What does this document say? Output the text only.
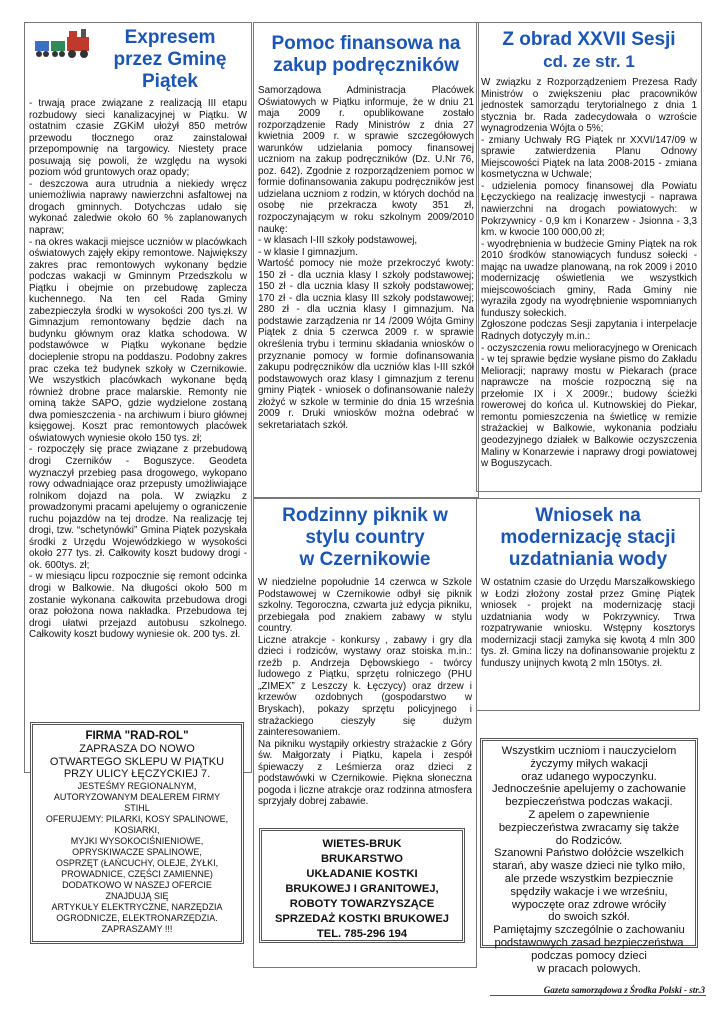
Expresem
przez Gminę Piątek

- trwają prace związane z realizacją III etapu rozbudowy sieci kanalizacyjnej w Piątku. W ostatnim czasie ZGKiM ułożył 850 metrów przewodu tłocznego oraz zainstalował przepompownię na targowicy. Niestety prace posuwają się powoli, że względu na wysoki poziom wód gruntowych oraz opady;

- deszczowa aura utrudnia a niekiedy wręcz uniemożliwia naprawy nawierzchni asfaltowej na drogach gminnych. Dotychczas udało się wykonać zaledwie około 60 % zaplanowanych napraw;

- na okres wakacji miejsce uczniów w placówkach oświatowych zajęły ekipy remontowe. Największy zakres prac remontowych wykonany będzie podczas wakacji w Gminnym Przedszkolu w Piątku i obejmie on przebudowę zaplecza kuchennego. Na ten cel Rada Gminy zabezpieczyła środki w wysokości 200 tys.zł. W Gimnazjum remontowany będzie dach na budynku głównym oraz klatka schodowa. W podstawówce w Piątku wykonane będzie docieplenie stropu na poddaszu. Podobny zakres prac czeka też budynek szkoły w Czernikowie. We wszystkich placówkach wykonane będą również drobne prace malarskie. Remonty nie ominą także SAPO, gdzie wydzielone zostaną dwa pomieszczenia - na archiwum i biuro głównej księgowej. Koszt prac remontowych placówek oświatowych wyniesie około 150 tys. zł;

- rozpoczęły się prace związane z przebudową drogi Czerników - Boguszyce. Geodeta wyznaczył przebieg pasa drogowego, wykopano rowy odwadniające oraz przepusty umożliwiające rolnikom dojazd na pola. W związku z prowadzonymi pracami apelujemy o ograniczenie ruchu pojazdów na tej drodze. Na realizację tej drogi, tzw. “schetynówki” Gmina Piątek pozyskała środki z Urzędu Wojewódzkiego w wysokości około 277 tys. zł. Całkowity koszt budowy drogi - ok. 600tys. zł;

- w miesiącu lipcu rozpocznie się remont odcinka drogi w Balkowie. Na długości około 500 m zostanie wykonana całkowita przebudowa drogi oraz położona nowa nakładka. Przebudowa tej drogi ułatwi przejazd autobusu szkolnego. Całkowity koszt budowy wyniesie ok. 200 tys. zł.

FIRMA "RAD-ROL"

ZAPRASZA DO NOWO

OTWARTEGO SKLEPU W PIĄTKU

PRZY ULICY ŁĘCZYCKIEJ 7.

JESTEŚMY REGIONALNYM,

AUTORYZOWANYM DEALEREM FIRMY

STIHL

OFERUJEMY: PILARKI, KOSY SPALINOWE,

KOSIARKI,

MYJKI WYSOKOCIŚNIENIOWE,

OPRYSKIWACZE SPALINOWE,

OSPRZĘT (ŁAŃCUCHY, OLEJE, ŻYŁKI,

PROWADNICE, CZĘŚCI ZAMIENNE)

DODATKOWO W NASZEJ OFERCIE

ZNAJDUJĄ SIĘ

ARTYKUŁY ELEKTRYCZNE, NARZĘDZIA

OGRODNICZE, ELEKTRONARZĘDZIA.

ZAPRASZAMY !!!

Pomoc finansowa na
zakup podręczników

Samorządowa Administracja Placówek Oświatowych w Piątku informuje, że w dniu 21 maja 2009 r. opublikowane zostało rozporządzenie Rady Ministrów z dnia 27 kwietnia 2009 r. w sprawie szczegółowych warunków udzielania pomocy finansowej uczniom na zakup podręczników (Dz. U.Nr 76, poz. 642). Zgodnie z rozporządzeniem pomoc w formie dofinansowania zakupu podręczników jest udzielana uczniom z rodzin, w których dochód na osobę nie przekracza kwoty 351 zł, rozpoczynającym w roku szkolnym 2009/2010 naukę:

- w klasach I-III szkoły podstawowej,

- w klasie I gimnazjum.

Wartość pomocy nie może przekroczyć kwoty: 150 zł - dla ucznia klasy I szkoły podstawowej; 150 zł - dla ucznia klasy II szkoły podstawowej; 170 zł - dla ucznia klasy III szkoły podstawowej; 280 zł - dla ucznia klasy I gimnazjum. Na podstawie zarządzenia nr 14 /2009 Wójta Gminy Piątek z dnia 5 czerwca 2009 r. w sprawie określenia trybu i terminu składania wniosków o przyznanie pomocy w formie dofinansowania zakupu podręczników dla uczniów klas I-III szkół podstawowych oraz klasy I gimnazjum z terenu gminy Piątek - wniosek o dofinansowanie należy złożyć w szkole w terminie do dnia 15 września 2009 r. Druki wniosków można odebrać w sekretariatach szkół.

Rodzinny piknik w
stylu country
w Czernikowie

W niedzielne popołudnie 14 czerwca w Szkole Podstawowej w Czernikowie odbył się piknik szkolny. Tegoroczna, czwarta już edycja pikniku, przebiegała pod znakiem zabawy w stylu country.

Liczne atrakcje - konkursy , zabawy i gry dla dzieci i rodziców, wystawy oraz stoiska m.in.: rzeźb p. Andrzeja Dębowskiego - twórcy ludowego z Piątku, sprzętu rolniczego (PHU „ZIMEX” z Leszczy k. Łęczycy) oraz drzew i krzewów ozdobnych (gospodarstwo w Bryskach), pokazy sprzętu policyjnego i strażackiego cieszyły się dużym zainteresowaniem.

Na pikniku wystąpiły orkiestry strażackie z Góry św. Małgorzaty i Piątku, kapela i zespół śpiewaczy z Leśmierza oraz dzieci z podstawówki w Czernikowie. Piękna słoneczna pogoda i liczne atrakcje oraz rodzinna atmosfera sprzyjały dobrej zabawie.

WIETES-BRUK

BRUKARSTWO

UKŁADANIE KOSTKI

BRUKOWEJ I GRANITOWEJ,

ROBOTY TOWARZYSZĄCE

SPRZEDAŻ KOSTKI BRUKOWEJ

TEL. 785-296 194

Z obrad XXVII Sesji
cd. ze str. 1

W związku z Rozporządzeniem Prezesa Rady Ministrów o zwiększeniu płac pracowników jednostek samorządu terytorialnego z dnia 1 stycznia br. Rada zadecydowała o wzroście wynagrodzenia Wójta o 5%;

- zmiany Uchwały RG Piątek nr XXVI/147/09 w sprawie zatwierdzenia Planu Odnowy Miejscowości Piątek na lata 2008-2015 - zmiana kosmetyczna w Uchwale;

- udzielenia pomocy finansowej dla Powiatu Łęczyckiego na realizację inwestycji - naprawa nawierzchni na drogach powiatowych: w Pokrzywnicy - 0,9 km i Konarzew - Jsionna - 3,3 km. w kwocie 100 000,00 zł;

- wyodrębnienia w budżecie Gminy Piątek na rok 2010 środków stanowiących fundusz sołecki - mając na uwadze planowaną, na rok 2009 i 2010 modernizację oświetlenia we wszystkich miejscowościach gminy, Rada Gminy nie wyraziła zgody na wyodrębnienie wspomnianych funduszy sołeckich.

Zgłoszone podczas Sesji zapytania i interpelacje Radnych dotyczyły m.in.:

- oczyszczenia rowu melioracyjnego w Orenicach - w tej sprawie będzie wysłane pismo do Zakładu Melioracji; naprawy mostu w Piekarach (prace naprawcze na moście rozpoczną się na przełomie IX i X 2009r.; budowy ścieżki rowerowej do końca ul. Kutnowskiej do Piekar, remontu pomieszczenia na świetlicę w remizie strażackiej w Balkowie, wykonania podziału geodezyjnego działek w Balkowie oczyszczenia Maliny w Konarzewie i naprawy drogi powiatowej w Boguszycach.

Wniosek na
modernizację stacji
uzdatniania wody

W ostatnim czasie do Urzędu Marszałkowskiego w Łodzi złożony został przez Gminę Piątek wniosek - projekt na modernizację stacji uzdatniania wody w Pokrzywnicy. Trwa rozpatrywanie wniosku. Wstępny kosztorys modernizacji stacji zamyka się kwotą 4 mln 300 tys. zł. Gmina liczy na dofinansowanie projektu z funduszy unijnych kwotą 2 mln 150tys. zł.

Wszystkim uczniom i nauczycielom

życzymy miłych wakacji

oraz udanego wypoczynku.

Jednocześnie apelujemy o zachowanie

bezpieczeństwa podczas wakacji.

Z apelem o zapewnienie

bezpieczeństwa zwracamy się także

do Rodziców.

Szanowni Państwo dołóżcie wszelkich

starań, aby wasze dzieci nie tylko miło,

ale przede wszystkim bezpiecznie

spędziły wakacje i we wrześniu,

wypoczęte oraz zdrowe wróciły

do swoich szkół.

Pamiętajmy szczególnie o zachowaniu

podstawowych zasad bezpieczeństwa

podczas pomocy dzieci

w pracach polowych.

Gazeta samorządowa z Środka Polski - str.3
